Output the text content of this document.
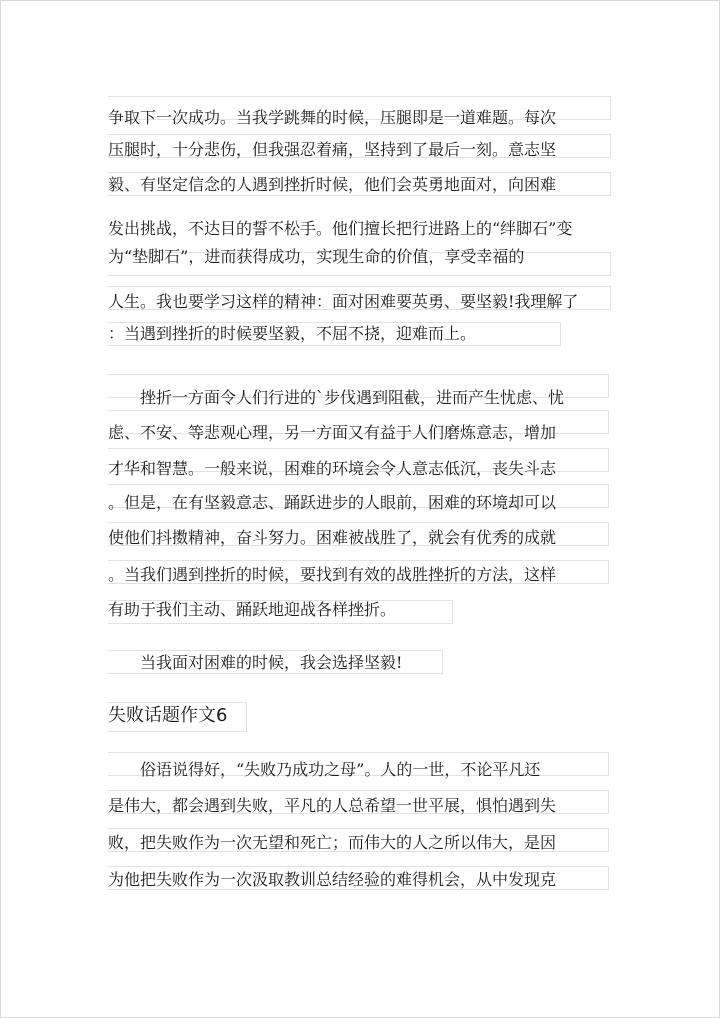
争取下一次成功。当我学跳舞的时候，压腿即是一道难题。每次
压腿时，十分悲伤，但我强忍着痛，坚持到了最后一刻。意志坚
毅、有坚定信念的人遇到挫折时候，他们会英勇地面对，向困难
发出挑战，不达目的誓不松手。他们擅长把行进路上的“绊脚石”变
为“垫脚石”，进而获得成功，实现生命的价值，享受幸福的
人生。我也要学习这样的精神：面对困难要英勇、要坚毅!我理解了
：当遇到挫折的时候要坚毅，不屈不挠，迎难而上。
　　挫折一方面令人们行进的`步伐遇到阻截，进而产生忧虑、忧
虑、不安、等悲观心理，另一方面又有益于人们磨炼意志，增加
才华和智慧。一般来说，困难的环境会令人意志低沉，丧失斗志
。但是，在有坚毅意志、踊跃进步的人眼前，困难的环境却可以
使他们抖擞精神，奋斗努力。困难被战胜了，就会有优秀的成就
。当我们遇到挫折的时候，要找到有效的战胜挫折的方法，这样
有助于我们主动、踊跃地迎战各样挫折。
　　当我面对困难的时候，我会选择坚毅!
失败话题作文6
　　俗语说得好，“失败乃成功之母”。人的一世，不论平凡还
是伟大，都会遇到失败，平凡的人总希望一世平展，惧怕遇到失
败，把失败作为一次无望和死亡；而伟大的人之所以伟大，是因
为他把失败作为一次汲取教训总结经验的难得机会，从中发现克
